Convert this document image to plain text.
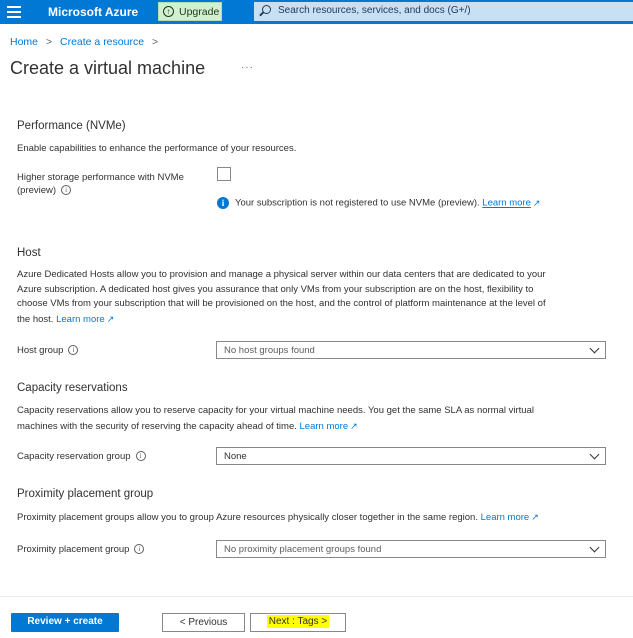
Microsoft Azure	↑ Upgrade	Search resources, services, and docs (G+/)
Home > Create a resource >
Create a virtual machine	···
Performance (NVMe)
Enable capabilities to enhance the performance of your resources.
Higher storage performance with NVMe
(preview) i
i Your subscription is not registered to use NVMe (preview). Learn more ↗
Host
Azure Dedicated Hosts allow you to provision and manage a physical server within our data centers that are dedicated to your
Azure subscription. A dedicated host gives you assurance that only VMs from your subscription are on the host, flexibility to
choose VMs from your subscription that will be provisioned on the host, and the control of platform maintenance at the level of
the host. Learn more ↗
Host group i	No host groups found
Capacity reservations
Capacity reservations allow you to reserve capacity for your virtual machine needs. You get the same SLA as normal virtual
machines with the security of reserving the capacity ahead of time. Learn more ↗
Capacity reservation group i	None
Proximity placement group
Proximity placement groups allow you to group Azure resources physically closer together in the same region. Learn more ↗
Proximity placement group i	No proximity placement groups found
Review + create	< Previous	Next : Tags >
